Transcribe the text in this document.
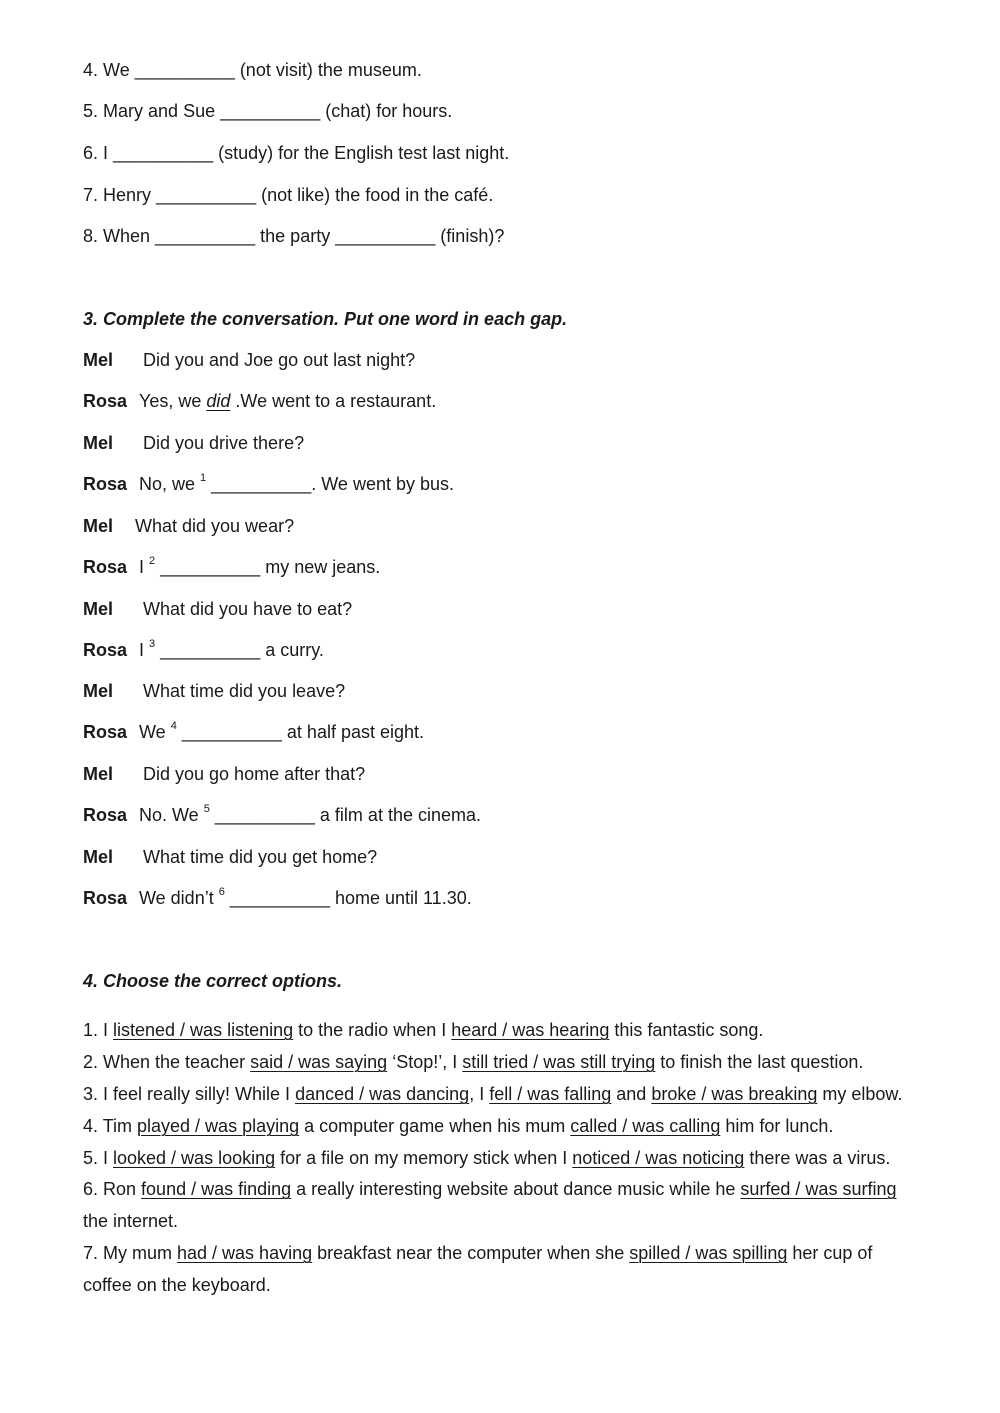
4. We __________ (not visit) the museum.
5. Mary and Sue __________ (chat) for hours.
6. I __________ (study) for the English test last night.
7. Henry __________ (not like) the food in the café.
8. When __________ the party __________ (finish)?
3. Complete the conversation. Put one word in each gap.
Mel Did you and Joe go out last night?
Rosa Yes, we did .We went to a restaurant.
Mel Did you drive there?
Rosa No, we $^1$ __________. We went by bus.
Mel What did you wear?
Rosa I $^2$ __________ my new jeans.
Mel What did you have to eat?
Rosa I $^3$ __________ a curry.
Mel What time did you leave?
Rosa We $^4$ __________ at half past eight.
Mel Did you go home after that?
Rosa No. We $^5$ __________ a film at the cinema.
Mel What time did you get home?
Rosa We didn’t $^6$ __________ home until 11.30.
4. Choose the correct options.
1. I listened / was listening to the radio when I heard / was hearing this fantastic song.
2. When the teacher said / was saying ‘Stop!’, I still tried / was still trying to finish the last question.
3. I feel really silly! While I danced / was dancing, I fell / was falling and broke / was breaking my elbow.
4. Tim played / was playing a computer game when his mum called / was calling him for lunch.
5. I looked / was looking for a file on my memory stick when I noticed / was noticing there was a virus.
6. Ron found / was finding a really interesting website about dance music while he surfed / was surfing
the internet.
7. My mum had / was having breakfast near the computer when she spilled / was spilling her cup of
coffee on the keyboard.
